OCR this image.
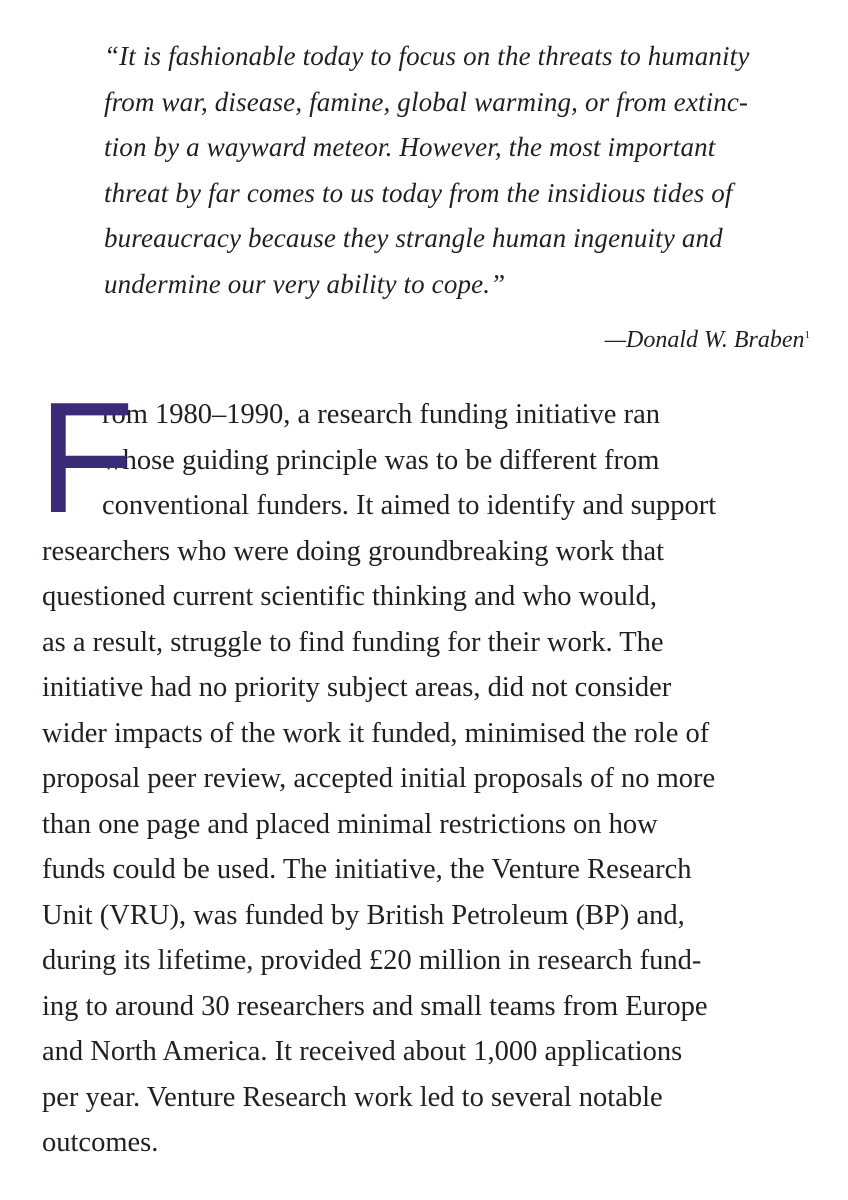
“It is fashionable today to focus on the threats to humanity
from war, disease, famine, global warming, or from extinc-
tion by a wayward meteor. However, the most important
threat by far comes to us today from the insidious tides of
bureaucracy because they strangle human ingenuity and
undermine our very ability to cope.”
—Donald W. Braben$^1$
F
rom 1980–1990, a research funding initiative ran
whose guiding principle was to be different from
conventional funders. It aimed to identify and support
researchers who were doing groundbreaking work that
questioned current scientific thinking and who would,
as a result, struggle to find funding for their work. The
initiative had no priority subject areas, did not consider
wider impacts of the work it funded, minimised the role of
proposal peer review, accepted initial proposals of no more
than one page and placed minimal restrictions on how
funds could be used. The initiative, the Venture Research
Unit (VRU), was funded by British Petroleum (BP) and,
during its lifetime, provided £20 million in research fund-
ing to around 30 researchers and small teams from Europe
and North America. It received about 1,000 applications
per year. Venture Research work led to several notable
outcomes.
